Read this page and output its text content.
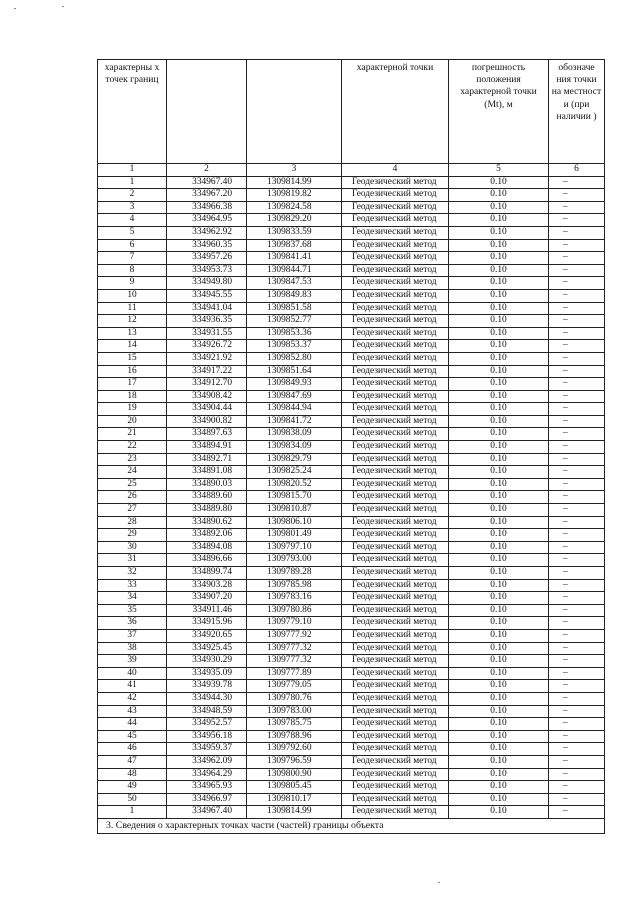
характерны х точек границ			характерной точки	погрешность положения характерной точки (Mt), м	обозначе ния точки на местност и (при наличии )
1	2	3	4	5	6
1	334967.40	1309814.99	Геодезический метод	0.10	–
2	334967.20	1309819.82	Геодезический метод	0.10	–
3	334966.38	1309824.58	Геодезический метод	0.10	–
4	334964.95	1309829.20	Геодезический метод	0.10	–
5	334962.92	1309833.59	Геодезический метод	0.10	–
6	334960.35	1309837.68	Геодезический метод	0.10	–
7	334957.26	1309841.41	Геодезический метод	0.10	–
8	334953.73	1309844.71	Геодезический метод	0.10	–
9	334949.80	1309847.53	Геодезический метод	0.10	–
10	334945.55	1309849.83	Геодезический метод	0.10	–
11	334941.04	1309851.58	Геодезический метод	0.10	–
12	334936.35	1309852.77	Геодезический метод	0.10	–
13	334931.55	1309853.36	Геодезический метод	0.10	–
14	334926.72	1309853.37	Геодезический метод	0.10	–
15	334921.92	1309852.80	Геодезический метод	0.10	–
16	334917.22	1309851.64	Геодезический метод	0.10	–
17	334912.70	1309849.93	Геодезический метод	0.10	–
18	334908.42	1309847.69	Геодезический метод	0.10	–
19	334904.44	1309844.94	Геодезический метод	0.10	–
20	334900.82	1309841.72	Геодезический метод	0.10	–
21	334897.63	1309838.09	Геодезический метод	0.10	–
22	334894.91	1309834.09	Геодезический метод	0.10	–
23	334892.71	1309829.79	Геодезический метод	0.10	–
24	334891.08	1309825.24	Геодезический метод	0.10	–
25	334890.03	1309820.52	Геодезический метод	0.10	–
26	334889.60	1309815.70	Геодезический метод	0.10	–
27	334889.80	1309810.87	Геодезический метод	0.10	–
28	334890.62	1309806.10	Геодезический метод	0.10	–
29	334892.06	1309801.49	Геодезический метод	0.10	–
30	334894.08	1309797.10	Геодезический метод	0.10	–
31	334896.66	1309793.00	Геодезический метод	0.10	–
32	334899.74	1309789.28	Геодезический метод	0.10	–
33	334903.28	1309785.98	Геодезический метод	0.10	–
34	334907.20	1309783.16	Геодезический метод	0.10	–
35	334911.46	1309780.86	Геодезический метод	0.10	–
36	334915.96	1309779.10	Геодезический метод	0.10	–
37	334920.65	1309777.92	Геодезический метод	0.10	–
38	334925.45	1309777.32	Геодезический метод	0.10	–
39	334930.29	1309777.32	Геодезический метод	0.10	–
40	334935.09	1309777.89	Геодезический метод	0.10	–
41	334939.78	1309779.05	Геодезический метод	0.10	–
42	334944.30	1309780.76	Геодезический метод	0.10	–
43	334948.59	1309783.00	Геодезический метод	0.10	–
44	334952.57	1309785.75	Геодезический метод	0.10	–
45	334956.18	1309788.96	Геодезический метод	0.10	–
46	334959.37	1309792.60	Геодезический метод	0.10	–
47	334962.09	1309796.59	Геодезический метод	0.10	–
48	334964.29	1309800.90	Геодезический метод	0.10	–
49	334965.93	1309805.45	Геодезический метод	0.10	–
50	334966.97	1309810.17	Геодезический метод	0.10	–
1	334967.40	1309814.99	Геодезический метод	0.10	–
3. Сведения о характерных точках части (частей) границы объекта					
